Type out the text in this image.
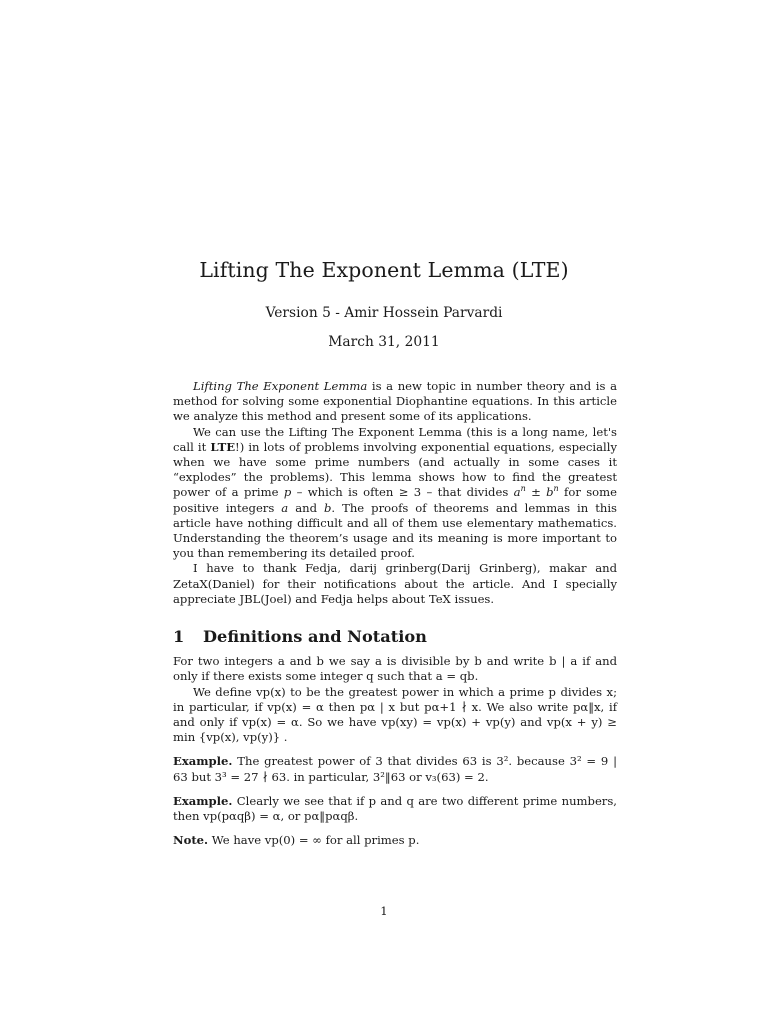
Lifting The Exponent Lemma (LTE)
Version 5 - Amir Hossein Parvardi
March 31, 2011

Lifting The Exponent Lemma is a new topic in number theory and is a method for solving some exponential Diophantine equations. In this article we analyze this method and present some of its applications.

We can use the Lifting The Exponent Lemma (this is a long name, let's call it LTE!) in lots of problems involving exponential equations, especially when we have some prime numbers (and actually in some cases it “explodes” the problems). This lemma shows how to find the greatest power of a prime p – which is often ≥ 3 – that divides $a^n \pm b^n$ for some positive integers a and b. The proofs of theorems and lemmas in this article have nothing difficult and all of them use elementary mathematics. Understanding the theorem’s usage and its meaning is more important to you than remembering its detailed proof.

I have to thank Fedja, darij grinberg(Darij Grinberg), makar and ZetaX(Daniel) for their notifications about the article. And I specially appreciate JBL(Joel) and Fedja helps about TeX issues.

1	Definitions and Notation

For two integers a and b we say a is divisible by b and write b | a if and only if there exists some integer q such that a = qb.

We define vp(x) to be the greatest power in which a prime p divides x; in particular, if vp(x) = α then pα | x but pα+1 ∤ x. We also write pα‖x, if and only if vp(x) = α. So we have vp(xy) = vp(x) + vp(y) and vp(x + y) ≥ min {vp(x), vp(y)} .

Example. The greatest power of 3 that divides 63 is 3². because 3² = 9 | 63 but 3³ = 27 ∤ 63. in particular, 3²‖63 or v₃(63) = 2.

Example. Clearly we see that if p and q are two different prime numbers, then vp(pαqβ) = α, or pα‖pαqβ.

Note. We have vp(0) = ∞ for all primes p.

1
